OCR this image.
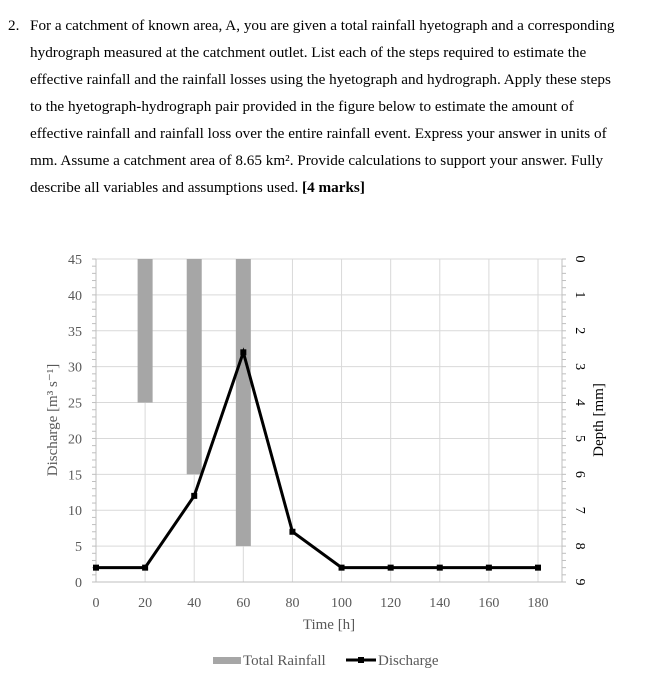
2. For a catchment of known area, A, you are given a total rainfall hyetograph and a corresponding
hydrograph measured at the catchment outlet. List each of the steps required to estimate the
effective rainfall and the rainfall losses using the hyetograph and hydrograph. Apply these steps
to the hyetograph-hydrograph pair provided in the figure below to estimate the amount of
effective rainfall and rainfall loss over the entire rainfall event. Express your answer in units of
mm. Assume a catchment area of 8.65 km². Provide calculations to support your answer. Fully
describe all variables and assumptions used. [4 marks]
0	20	40	60	80 100 120 140 160 180
0
5
10
15
20
25
30
35
40
45	0
1
2
3
4
5
6
7
8
9
Time [h]
Discharge [m³ s⁻¹]	Depth [mm]
Total Rainfall	Discharge
